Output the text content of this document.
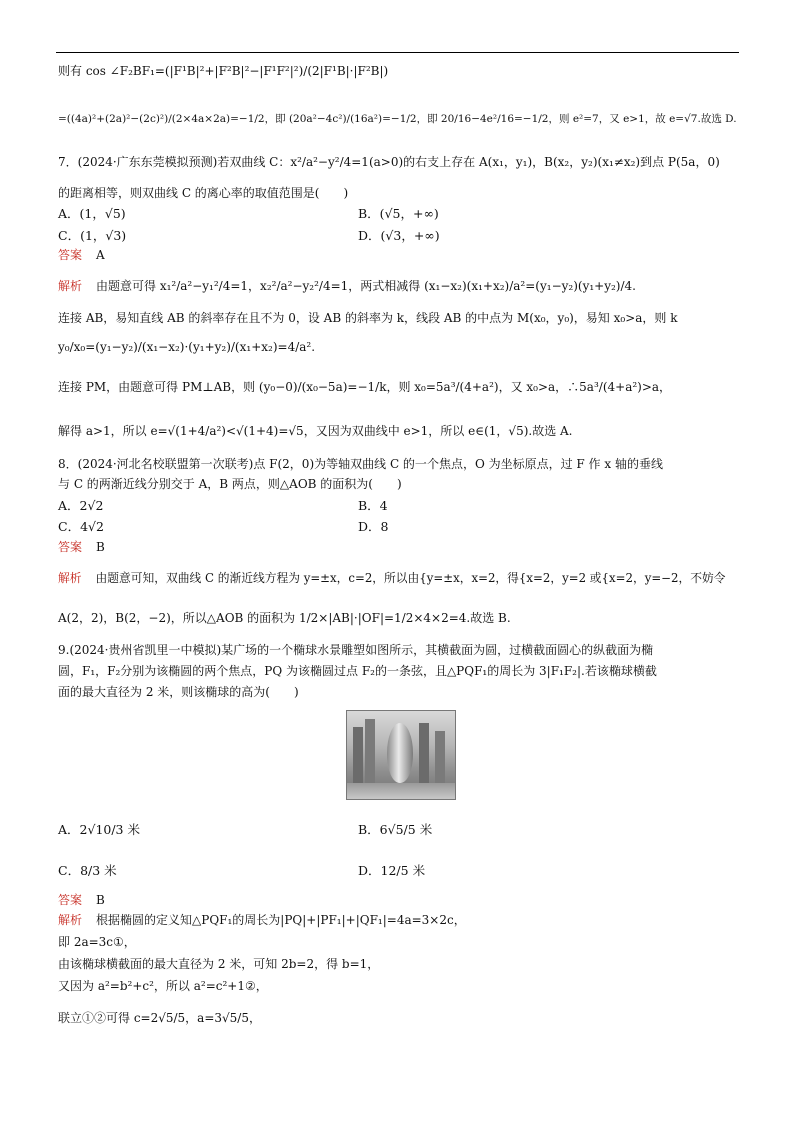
则有 cos ∠F₂BF₁=(|F¹B|²+|F²B|²−|F¹F²|²)/(2|F¹B|·|F²B|)
=((4a)²+(2a)²−(2c)²)/(2×4a×2a)=−1/2，即 (20a²−4c²)/(16a²)=−1/2，即 20/16−4e²/16=−1/2，则 e²=7，又 e>1，故 e=√7.故选 D.
7．(2024·广东东莞模拟预测)若双曲线 C：x²/a²−y²/4=1(a>0)的右支上存在 A(x₁，y₁)，B(x₂，y₂)(x₁≠x₂)到点 P(5a，0)
的距离相等，则双曲线 C 的离心率的取值范围是(　　)
A．(1，√5)	B．(√5，+∞)
C．(1，√3)	D．(√3，+∞)
答案 A
解析 由题意可得 x₁²/a²−y₁²/4=1，x₂²/a²−y₂²/4=1，两式相减得 (x₁−x₂)(x₁+x₂)/a²=(y₁−y₂)(y₁+y₂)/4.
连接 AB，易知直线 AB 的斜率存在且不为 0，设 AB 的斜率为 k，线段 AB 的中点为 M(x₀，y₀)，易知 x₀>a，则 k
y₀/x₀=(y₁−y₂)/(x₁−x₂)·(y₁+y₂)/(x₁+x₂)=4/a².
连接 PM，由题意可得 PM⊥AB，则 (y₀−0)/(x₀−5a)=−1/k，则 x₀=5a³/(4+a²)，又 x₀>a，∴5a³/(4+a²)>a，
解得 a>1，所以 e=√(1+4/a²)<√(1+4)=√5，又因为双曲线中 e>1，所以 e∈(1，√5).故选 A.
8．(2024·河北名校联盟第一次联考)点 F(2，0)为等轴双曲线 C 的一个焦点，O 为坐标原点，过 F 作 x 轴的垂线
与 C 的两渐近线分别交于 A，B 两点，则△AOB 的面积为(　　)
A．2√2	B．4
C．4√2	D．8
答案 B
解析 由题意可知，双曲线 C 的渐近线方程为 y=±x，c=2，所以由{y=±x，x=2，得{x=2，y=2 或{x=2，y=−2，不妨令
A(2，2)，B(2，−2)，所以△AOB 的面积为 1/2×|AB|·|OF|=1/2×4×2=4.故选 B.
9.(2024·贵州省凯里一中模拟)某广场的一个椭球水景雕塑如图所示，其横截面为圆，过横截面圆心的纵截面为椭
圆，F₁，F₂分别为该椭圆的两个焦点，PQ 为该椭圆过点 F₂的一条弦，且△PQF₁的周长为 3|F₁F₂|.若该椭球横截
面的最大直径为 2 米，则该椭球的高为(　　)
A．2√10/3 米	B．6√5/5 米
C．8/3 米	D．12/5 米
答案 B
解析 根据椭圆的定义知△PQF₁的周长为|PQ|+|PF₁|+|QF₁|=4a=3×2c，
即 2a=3c①，
由该椭球横截面的最大直径为 2 米，可知 2b=2，得 b=1，
又因为 a²=b²+c²，所以 a²=c²+1②，
联立①②可得 c=2√5/5，a=3√5/5，
